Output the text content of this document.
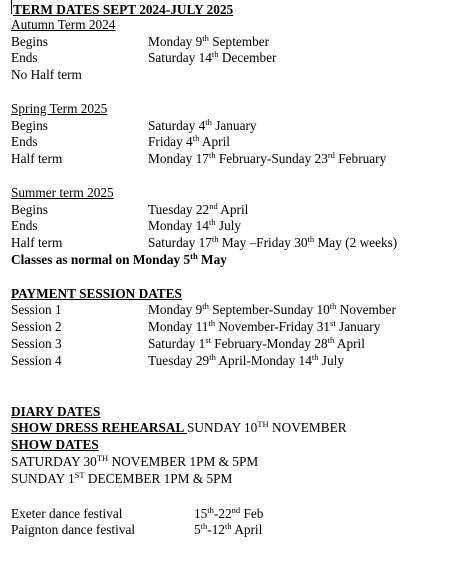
TERM DATES SEPT 2024-JULY 2025
Autumn Term 2024
Begins	Monday 9th September
Ends	Saturday 14th December
No Half term
Spring Term 2025
Begins	Saturday 4th January
Ends	Friday 4th April
Half term	Monday 17th February-Sunday 23rd February
Summer term 2025
Begins	Tuesday 22nd April
Ends	Monday 14th July
Half term	Saturday 17th May –Friday 30th May (2 weeks)
Classes as normal on Monday 5th May
PAYMENT SESSION DATES
Session 1	Monday 9th September-Sunday 10th November
Session 2	Monday 11th November-Friday 31st January
Session 3	Saturday 1st February-Monday 28th April
Session 4	Tuesday 29th April-Monday 14th July
DIARY DATES
SHOW DRESS REHEARSAL SUNDAY 10TH NOVEMBER
SHOW DATES
SATURDAY 30TH NOVEMBER 1PM & 5PM
SUNDAY 1ST DECEMBER 1PM & 5PM
Exeter dance festival	15th-22nd Feb
Paignton dance festival	5th-12th April
